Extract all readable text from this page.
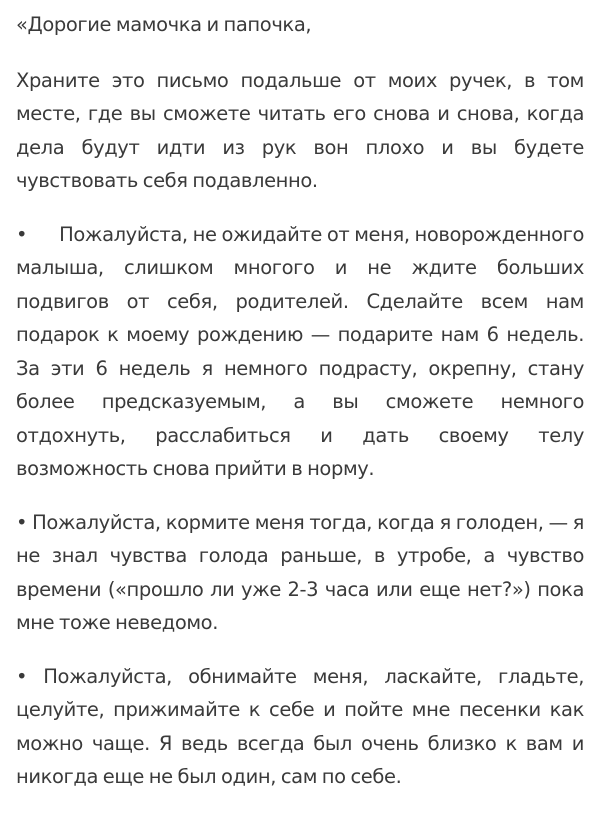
«Дорогие мамочка и папочка,

Храните это письмо подальше от моих ручек, в том месте, где вы сможете читать его снова и снова, когда дела будут идти из рук вон плохо и вы будете чувствовать себя подавленно.

• Пожалуйста, не ожидайте от меня, новорожденного малыша, слишком многого и не ждите больших подвигов от себя, родителей. Сделайте всем нам подарок к моему рождению — подарите нам 6 недель. За эти 6 недель я немного подрасту, окрепну, стану более предсказуемым, а вы сможете немного отдохнуть, расслабиться и дать своему телу возможность снова прийти в норму.

• Пожалуйста, кормите меня тогда, когда я голоден, — я не знал чувства голода раньше, в утробе, а чувство времени («прошло ли уже 2-3 часа или еще нет?») пока мне тоже неведомо.

• Пожалуйста, обнимайте меня, ласкайте, гладьте, целуйте, прижимайте к себе и пойте мне песенки как можно чаще. Я ведь всегда был очень близко к вам и никогда еще не был один, сам по себе.
